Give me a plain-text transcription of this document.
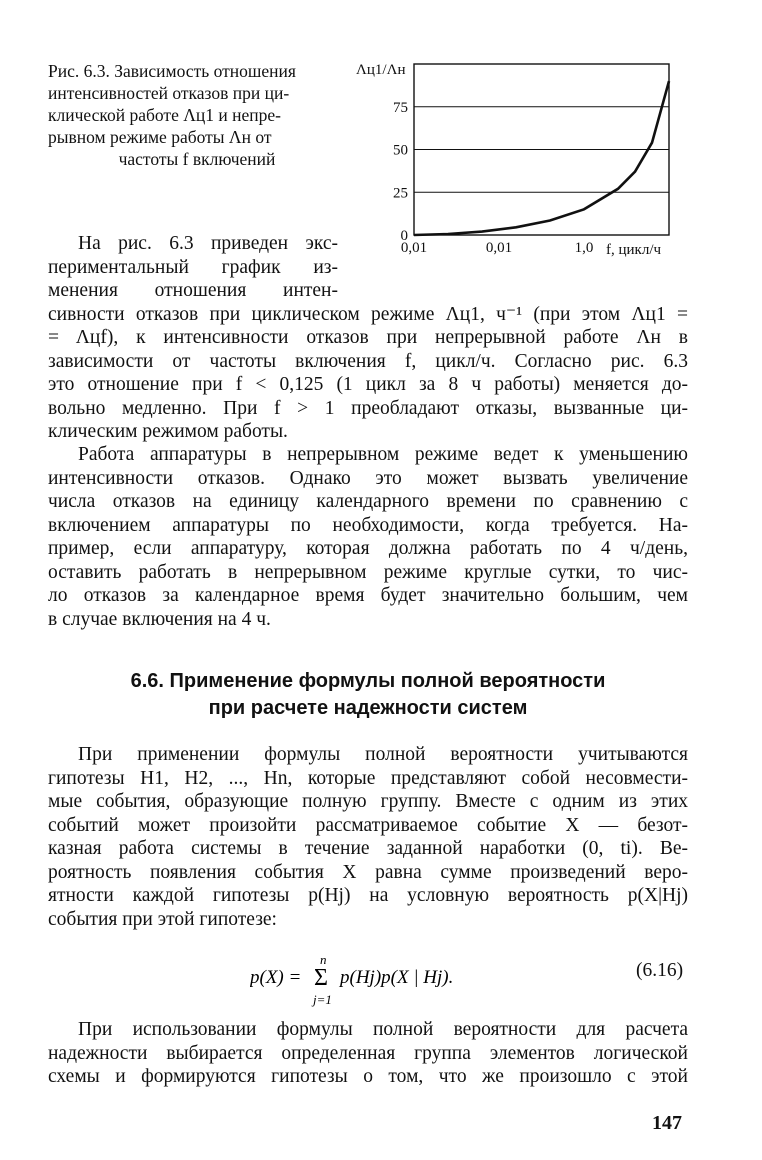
Рис. 6.3. Зависимость отношения
интенсивностей отказов при ци-
клической работе Λц1 и непре-
рывном режиме работы Λн от
частоты f включений
0
25
50
75
0,01	0,01	1,0
Λц1/Λн
f, цикл/ч
На рис. 6.3 приведен экс-
периментальный график из-
менения отношения интен-
сивности отказов при циклическом режиме Λц1, ч⁻¹ (при этом Λц1 =
= Λцf), к интенсивности отказов при непрерывной работе Λн в
зависимости от частоты включения f, цикл/ч. Согласно рис. 6.3
это отношение при f < 0,125 (1 цикл за 8 ч работы) меняется до-
вольно медленно. При f > 1 преобладают отказы, вызванные ци-
клическим режимом работы.
Работа аппаратуры в непрерывном режиме ведет к уменьшению
интенсивности отказов. Однако это может вызвать увеличение
числа отказов на единицу календарного времени по сравнению с
включением аппаратуры по необходимости, когда требуется. На-
пример, если аппаратуру, которая должна работать по 4 ч/день,
оставить работать в непрерывном режиме круглые сутки, то чис-
ло отказов за календарное время будет значительно большим, чем
в случае включения на 4 ч.
6.6. Применение формулы полной вероятности
при расчете надежности систем
При применении формулы полной вероятности учитываются
гипотезы H1, H2, ..., Hn, которые представляют собой несовмести-
мые события, образующие полную группу. Вместе с одним из этих
событий может произойти рассматриваемое событие X — безот-
казная работа системы в течение заданной наработки (0, ti). Ве-
роятность появления события X равна сумме произведений веро-
ятности каждой гипотезы p(Hj) на условную вероятность p(X|Hj)
события при этой гипотезе:
p(X) =
n
Σ
j=1
p(Hj)p(X | Hj).	(6.16)
При использовании формулы полной вероятности для расчета
надежности выбирается определенная группа элементов логической
схемы и формируются гипотезы о том, что же произошло с этой
147
